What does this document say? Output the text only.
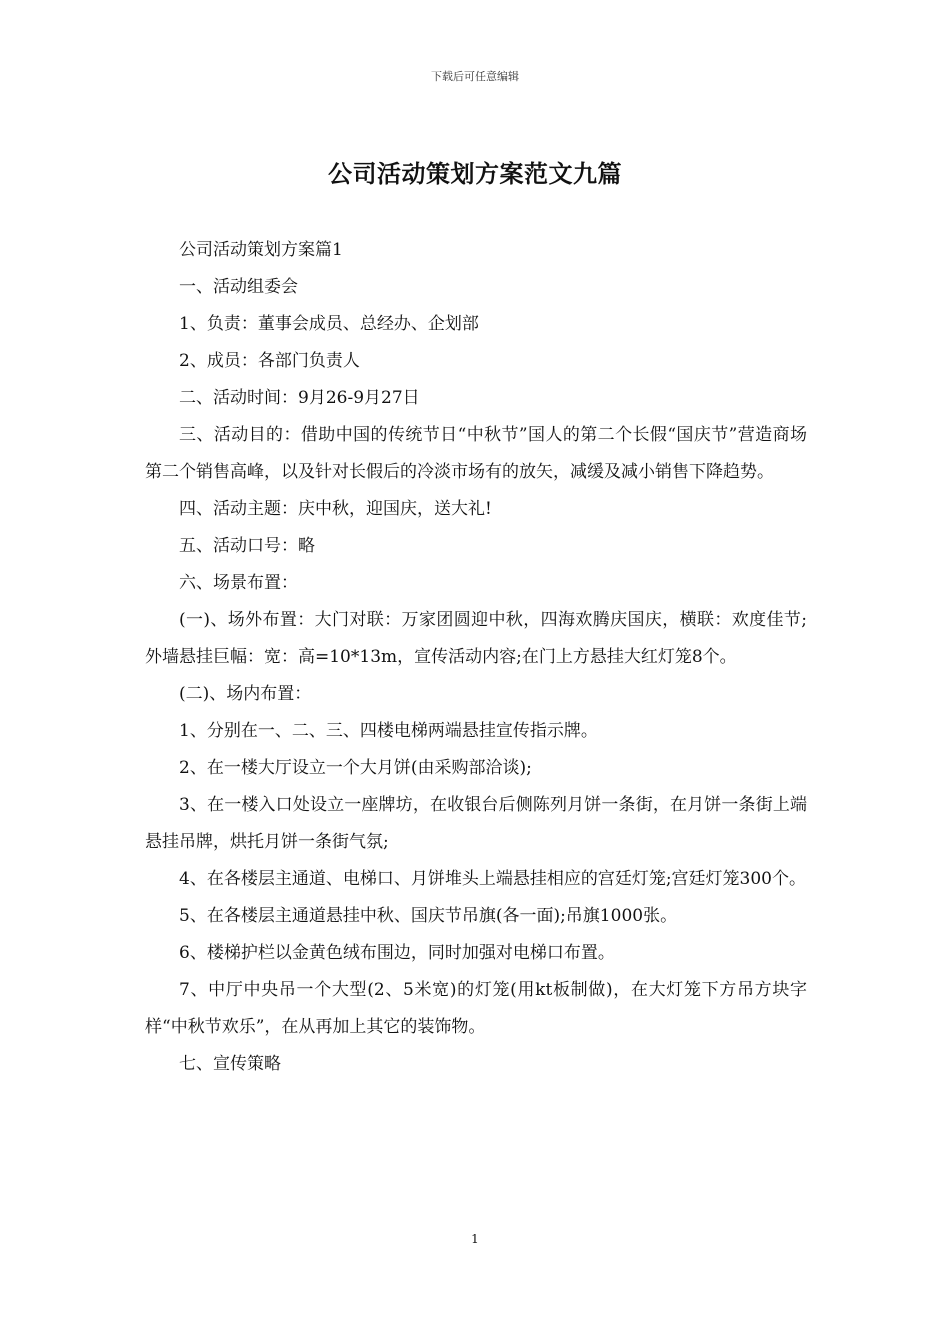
下载后可任意编辑
公司活动策划方案范文九篇

公司活动策划方案篇1

一、活动组委会

1、负责：董事会成员、总经办、企划部

2、成员：各部门负责人

二、活动时间：9月26-9月27日

三、活动目的：借助中国的传统节日“中秋节”国人的第二个长假“国庆节”营造商场第二个销售高峰，以及针对长假后的冷淡市场有的放矢，减缓及减小销售下降趋势。

四、活动主题：庆中秋，迎国庆，送大礼!

五、活动口号：略

六、场景布置：

(一)、场外布置：大门对联：万家团圆迎中秋，四海欢腾庆国庆，横联：欢度佳节;外墙悬挂巨幅：宽：高=10*13m，宣传活动内容;在门上方悬挂大红灯笼8个。

(二)、场内布置：

1、分别在一、二、三、四楼电梯两端悬挂宣传指示牌。

2、在一楼大厅设立一个大月饼(由采购部洽谈);

3、在一楼入口处设立一座牌坊，在收银台后侧陈列月饼一条街，在月饼一条街上端悬挂吊牌，烘托月饼一条街气氛;

4、在各楼层主通道、电梯口、月饼堆头上端悬挂相应的宫廷灯笼;宫廷灯笼300个。

5、在各楼层主通道悬挂中秋、国庆节吊旗(各一面);吊旗1000张。

6、楼梯护栏以金黄色绒布围边，同时加强对电梯口布置。

7、中厅中央吊一个大型(2、5米宽)的灯笼(用kt板制做)，在大灯笼下方吊方块字样“中秋节欢乐”，在从再加上其它的装饰物。

七、宣传策略

1
